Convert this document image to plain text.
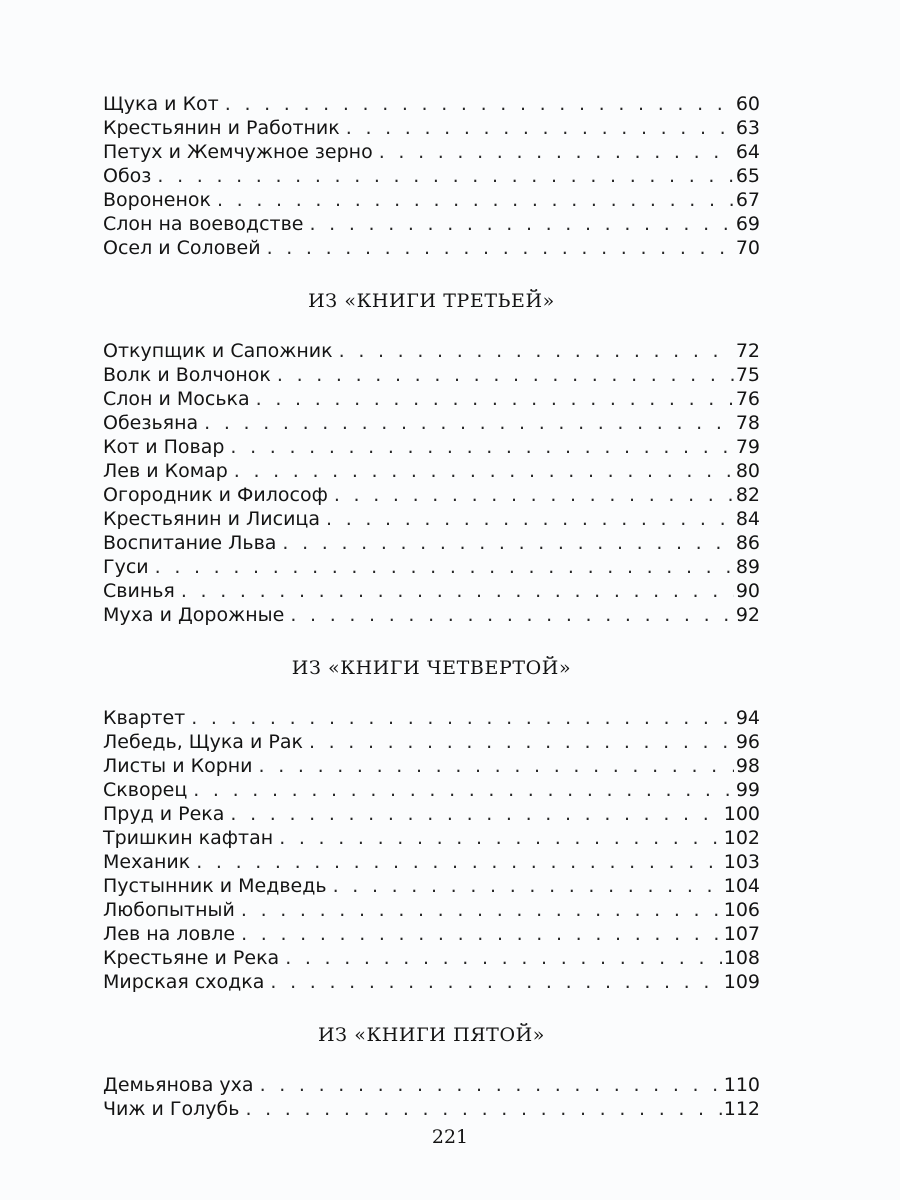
Щука и Кот . . .	60
Крестьянин и Работник . . .	63
Петух и Жемчужное зерно . . .	64
Обоз . . .	65
Вороненок . . .	67
Слон на воеводстве . . .	69
Осел и Соловей . . .	70
ИЗ «КНИГИ ТРЕТЬЕЙ»
Откупщик и Сапожник . . .	72
Волк и Волчонок . . .	75
Слон и Моська . . .	76
Обезьяна . . .	78
Кот и Повар . . .	79
Лев и Комар . . .	80
Огородник и Философ . . .	82
Крестьянин и Лисица . . .	84
Воспитание Льва . . .	86
Гуси . . .	89
Свинья . . .	90
Муха и Дорожные . . .	92
ИЗ «КНИГИ ЧЕТВЕРТОЙ»
Квартет . . .	94
Лебедь, Щука и Рак . . .	96
Листы и Корни . . .	98
Скворец . . .	99
Пруд и Река . . .	100
Тришкин кафтан . . .	102
Механик . . .	103
Пустынник и Медведь . . .	104
Любопытный . . .	106
Лев на ловле . . .	107
Крестьяне и Река . . .	108
Мирская сходка . . .	109
ИЗ «КНИГИ ПЯТОЙ»
Демьянова уха . . .	110
Чиж и Голубь . . .	112
221
